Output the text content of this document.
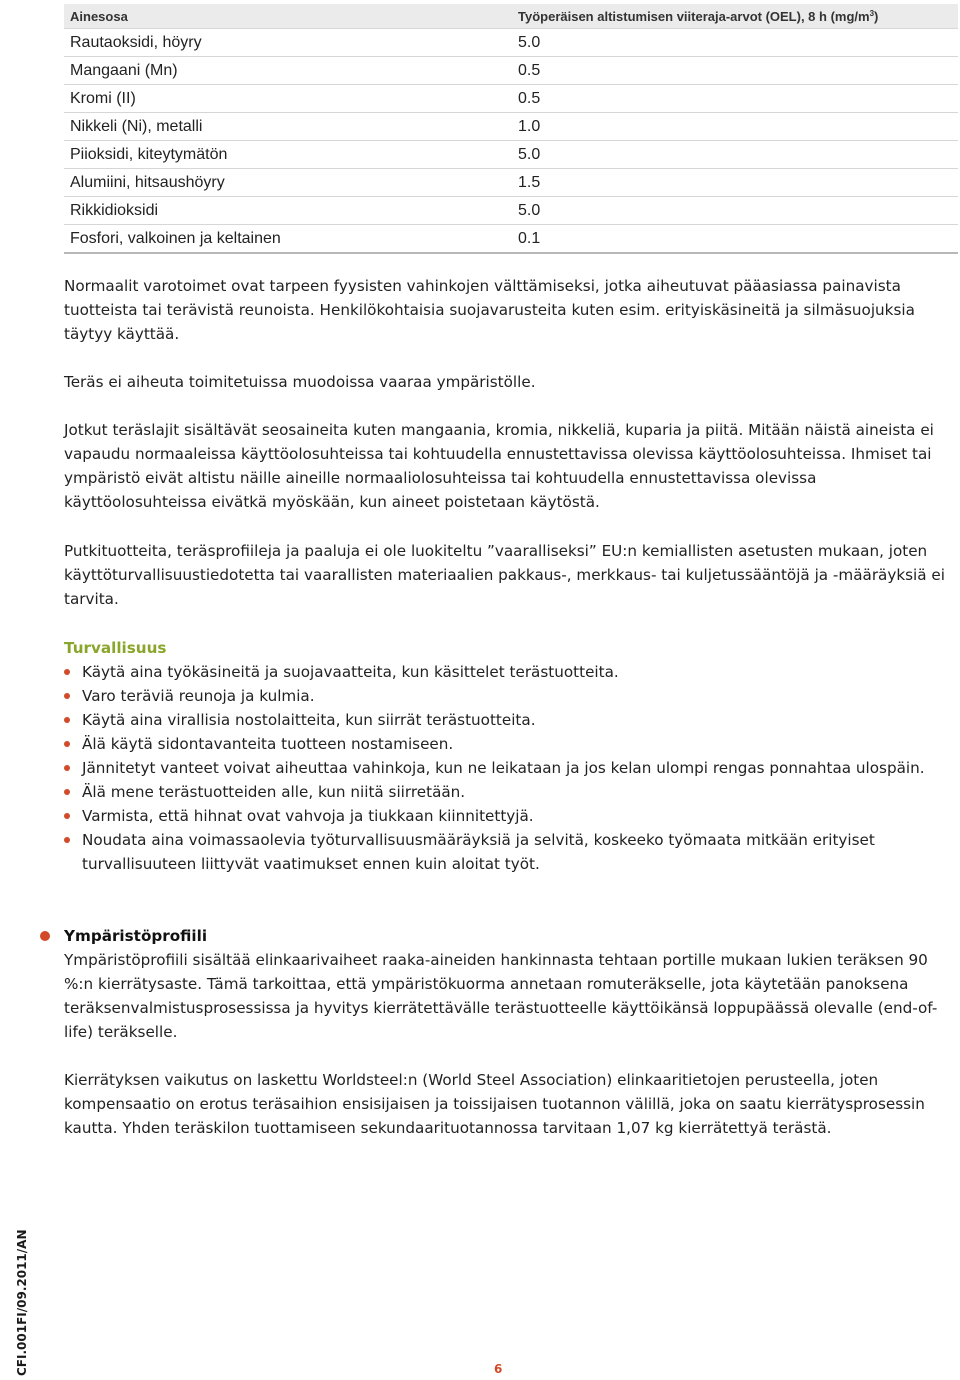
Ainesosa	Työperäisen altistumisen viiteraja-arvot (OEL), 8 h $(mg/m^3)$
Rautaoksidi, höyry	5.0
Mangaani (Mn)	0.5
Kromi (II)	0.5
Nikkeli (Ni), metalli	1.0
Piioksidi, kiteytymätön	5.0
Alumiini, hitsaushöyry	1.5
Rikkidioksidi	5.0
Fosfori, valkoinen ja keltainen	0.1

Normaalit varotoimet ovat tarpeen fyysisten vahinkojen välttämiseksi, jotka aiheutuvat pääasiassa painavista tuotteista tai terävistä reunoista. Henkilökohtaisia suojavarusteita kuten esim. erityiskäsineitä ja silmäsuojuksia täytyy käyttää.

Teräs ei aiheuta toimitetuissa muodoissa vaaraa ympäristölle.

Jotkut teräslajit sisältävät seosaineita kuten mangaania, kromia, nikkeliä, kuparia ja piitä. Mitään näistä aineista ei vapaudu normaaleissa käyttöolosuhteissa tai kohtuudella ennustettavissa olevissa käyttöolosuhteissa. Ihmiset tai ympäristö eivät altistu näille aineille normaaliolosuhteissa tai kohtuudella ennustettavissa olevissa käyttöolosuhteissa eivätkä myöskään, kun aineet poistetaan käytöstä.

Putkituotteita, teräsprofiileja ja paaluja ei ole luokiteltu ”vaaralliseksi” EU:n kemiallisten asetusten mukaan, joten käyttöturvallisuustiedotetta tai vaarallisten materiaalien pakkaus-, merkkaus- tai kuljetussääntöjä ja -määräyksiä ei tarvita.

Turvallisuus
Käytä aina työkäsineitä ja suojavaatteita, kun käsittelet terästuotteita.
Varo teräviä reunoja ja kulmia.
Käytä aina virallisia nostolaitteita, kun siirrät terästuotteita.
Älä käytä sidontavanteita tuotteen nostamiseen.
Jännitetyt vanteet voivat aiheuttaa vahinkoja, kun ne leikataan ja jos kelan ulompi rengas ponnahtaa ulospäin.
Älä mene terästuotteiden alle, kun niitä siirretään.
Varmista, että hihnat ovat vahvoja ja tiukkaan kiinnitettyjä.
Noudata aina voimassaolevia työturvallisuusmääräyksiä ja selvitä, koskeeko työmaata mitkään erityiset turvallisuuteen liittyvät vaatimukset ennen kuin aloitat työt.
Ympäristöprofiili

Ympäristöprofiili sisältää elinkaarivaiheet raaka-aineiden hankinnasta tehtaan portille mukaan lukien teräksen 90 %:n kierrätysaste. Tämä tarkoittaa, että ympäristökuorma annetaan romuteräkselle, jota käytetään panoksena teräksenvalmistusprosessissa ja hyvitys kierrätettävälle terästuotteelle käyttöikänsä loppupäässä olevalle (end-of-life) teräkselle.

Kierrätyksen vaikutus on laskettu Worldsteel:n (World Steel Association) elinkaaritietojen perusteella, joten kompensaatio on erotus teräsaihion ensisijaisen ja toissijaisen tuotannon välillä, joka on saatu kierrätysprosessin kautta. Yhden teräskilon tuottamiseen sekundaarituotannossa tarvitaan 1,07 kg kierrätettyä terästä.

CFI.001FI/09.2011/AN	6
